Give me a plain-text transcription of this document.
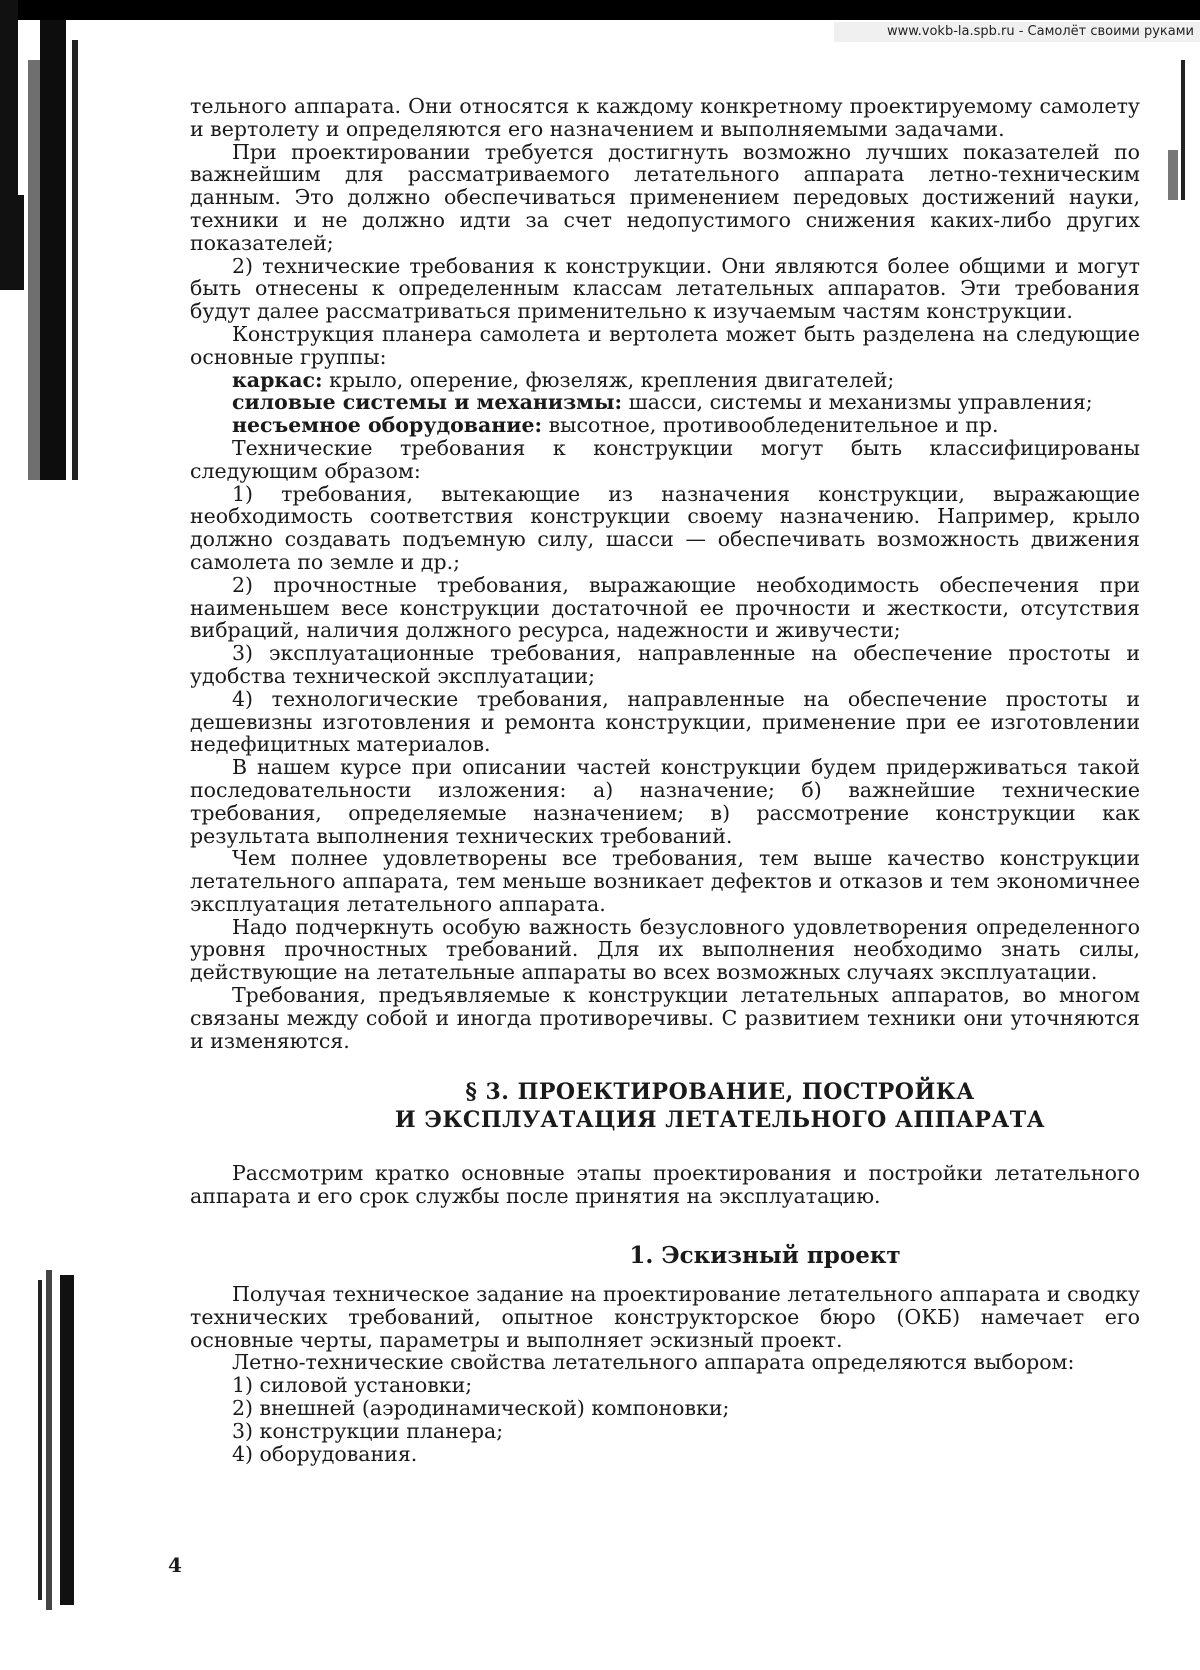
www.vokb-la.spb.ru - Самолёт своими руками

тельного аппарата. Они относятся к каждому конкретному проектируемому самолету и вертолету и определяются его назначением и выполняемыми задачами.

При проектировании требуется достигнуть возможно лучших показателей по важнейшим для рассматриваемого летательного аппарата летно-техническим данным. Это должно обеспечиваться применением передовых достижений науки, техники и не должно идти за счет недопустимого снижения каких-либо других показателей;

2) технические требования к конструкции. Они являются более общими и могут быть отнесены к определенным классам летательных аппаратов. Эти требования будут далее рассматриваться применительно к изучаемым частям конструкции.

Конструкция планера самолета и вертолета может быть разделена на следующие основные группы:

каркас: крыло, оперение, фюзеляж, крепления двигателей;

силовые системы и механизмы: шасси, системы и механизмы управления;

несъемное оборудование: высотное, противообледенительное и пр.

Технические требования к конструкции могут быть классифицированы следующим образом:

1) требования, вытекающие из назначения конструкции, выражающие необходимость соответствия конструкции своему назначению. Например, крыло должно создавать подъемную силу, шасси — обеспечивать возможность движения самолета по земле и др.;

2) прочностные требования, выражающие необходимость обеспечения при наименьшем весе конструкции достаточной ее прочности и жесткости, отсутствия вибраций, наличия должного ресурса, надежности и живучести;

3) эксплуатационные требования, направленные на обеспечение простоты и удобства технической эксплуатации;

4) технологические требования, направленные на обеспечение простоты и дешевизны изготовления и ремонта конструкции, применение при ее изготовлении недефицитных материалов.

В нашем курсе при описании частей конструкции будем придерживаться такой последовательности изложения: а) назначение; б) важнейшие технические требования, определяемые назначением; в) рассмотрение конструкции как результата выполнения технических требований.

Чем полнее удовлетворены все требования, тем выше качество конструкции летательного аппарата, тем меньше возникает дефектов и отказов и тем экономичнее эксплуатация летательного аппарата.

Надо подчеркнуть особую важность безусловного удовлетворения определенного уровня прочностных требований. Для их выполнения необходимо знать силы, действующие на летательные аппараты во всех возможных случаях эксплуатации.

Требования, предъявляемые к конструкции летательных аппаратов, во многом связаны между собой и иногда противоречивы. С развитием техники они уточняются и изменяются.

§ 3. ПРОЕКТИРОВАНИЕ, ПОСТРОЙКА
И ЭКСПЛУАТАЦИЯ ЛЕТАТЕЛЬНОГО АППАРАТА

Рассмотрим кратко основные этапы проектирования и постройки летательного аппарата и его срок службы после принятия на эксплуатацию.

1. Эскизный проект

Получая техническое задание на проектирование летательного аппарата и сводку технических требований, опытное конструкторское бюро (ОКБ) намечает его основные черты, параметры и выполняет эскизный проект.

Летно-технические свойства летательного аппарата определяются выбором:

1) силовой установки;

2) внешней (аэродинамической) компоновки;

3) конструкции планера;

4) оборудования.

4
